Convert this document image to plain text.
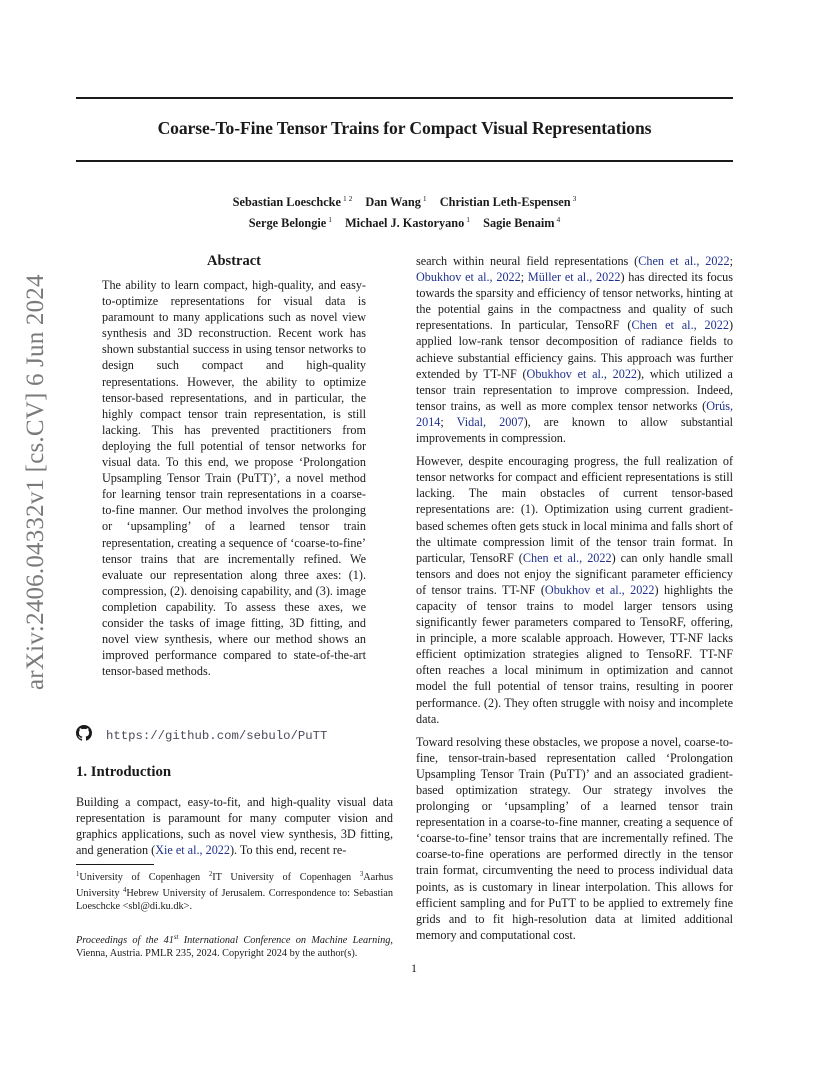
Coarse-To-Fine Tensor Trains for Compact Visual Representations
Sebastian Loeschcke $^{1 2}$ Dan Wang $^1$ Christian Leth-Espensen $^3$
Serge Belongie $^1$ Michael J. Kastoryano $^1$ Sagie Benaim $^4$
arXiv:2406.04332v1 [cs.CV] 6 Jun 2024
Abstract
The ability to learn compact, high-quality, and easy-to-optimize representations for visual data is paramount to many applications such as novel view synthesis and 3D reconstruction. Recent work has shown substantial success in using tensor networks to design such compact and high-quality representations. However, the ability to optimize tensor-based representations, and in particular, the highly compact tensor train representation, is still lacking. This has prevented practitioners from deploying the full potential of tensor networks for visual data. To this end, we propose ‘Prolongation Upsampling Tensor Train (PuTT)’, a novel method for learning tensor train representations in a coarse-to-fine manner. Our method involves the prolonging or ‘upsampling’ of a learned tensor train representation, creating a sequence of ‘coarse-to-fine’ tensor trains that are incrementally refined. We evaluate our representation along three axes: (1). compression, (2). denoising capability, and (3). image completion capability. To assess these axes, we consider the tasks of image fitting, 3D fitting, and novel view synthesis, where our method shows an improved performance compared to state-of-the-art tensor-based methods.
https://github.com/sebulo/PuTT
1. Introduction
Building a compact, easy-to-fit, and high-quality visual data representation is paramount for many computer vision and graphics applications, such as novel view synthesis, 3D fitting, and generation (Xie et al., 2022). To this end, recent re-
$^1$University of Copenhagen $^2$IT University of Copenhagen $^3$Aarhus University $^4$Hebrew University of Jerusalem. Correspondence to: Sebastian Loeschcke <sbl@di.ku.dk>.
Proceedings of the 41st International Conference on Machine Learning, Vienna, Austria. PMLR 235, 2024. Copyright 2024 by the author(s).

search within neural field representations (Chen et al., 2022; Obukhov et al., 2022; Müller et al., 2022) has directed its focus towards the sparsity and efficiency of tensor networks, hinting at the potential gains in the compactness and quality of such representations. In particular, TensoRF (Chen et al., 2022) applied low-rank tensor decomposition of radiance fields to achieve substantial efficiency gains. This approach was further extended by TT-NF (Obukhov et al., 2022), which utilized a tensor train representation to improve compression. Indeed, tensor trains, as well as more complex tensor networks (Orús, 2014; Vidal, 2007), are known to allow substantial improvements in compression.

However, despite encouraging progress, the full realization of tensor networks for compact and efficient representations is still lacking. The main obstacles of current tensor-based representations are: (1). Optimization using current gradient-based schemes often gets stuck in local minima and falls short of the ultimate compression limit of the tensor train format. In particular, TensoRF (Chen et al., 2022) can only handle small tensors and does not enjoy the significant parameter efficiency of tensor trains. TT-NF (Obukhov et al., 2022) highlights the capacity of tensor trains to model larger tensors using significantly fewer parameters compared to TensoRF, offering, in principle, a more scalable approach. However, TT-NF lacks efficient optimization strategies aligned to TensoRF. TT-NF often reaches a local minimum in optimization and cannot model the full potential of tensor trains, resulting in poorer performance. (2). They often struggle with noisy and incomplete data.

Toward resolving these obstacles, we propose a novel, coarse-to-fine, tensor-train-based representation called ‘Prolongation Upsampling Tensor Train (PuTT)’ and an associated gradient-based optimization strategy. Our strategy involves the prolonging or ‘upsampling’ of a learned tensor train representation in a coarse-to-fine manner, creating a sequence of ‘coarse-to-fine’ tensor trains that are incrementally refined. The coarse-to-fine operations are performed directly in the tensor train format, circumventing the need to process individual data points, as is customary in linear interpolation. This allows for efficient sampling and for PuTT to be applied to extremely fine grids and to fit high-resolution data at limited additional memory and computational cost.

1
